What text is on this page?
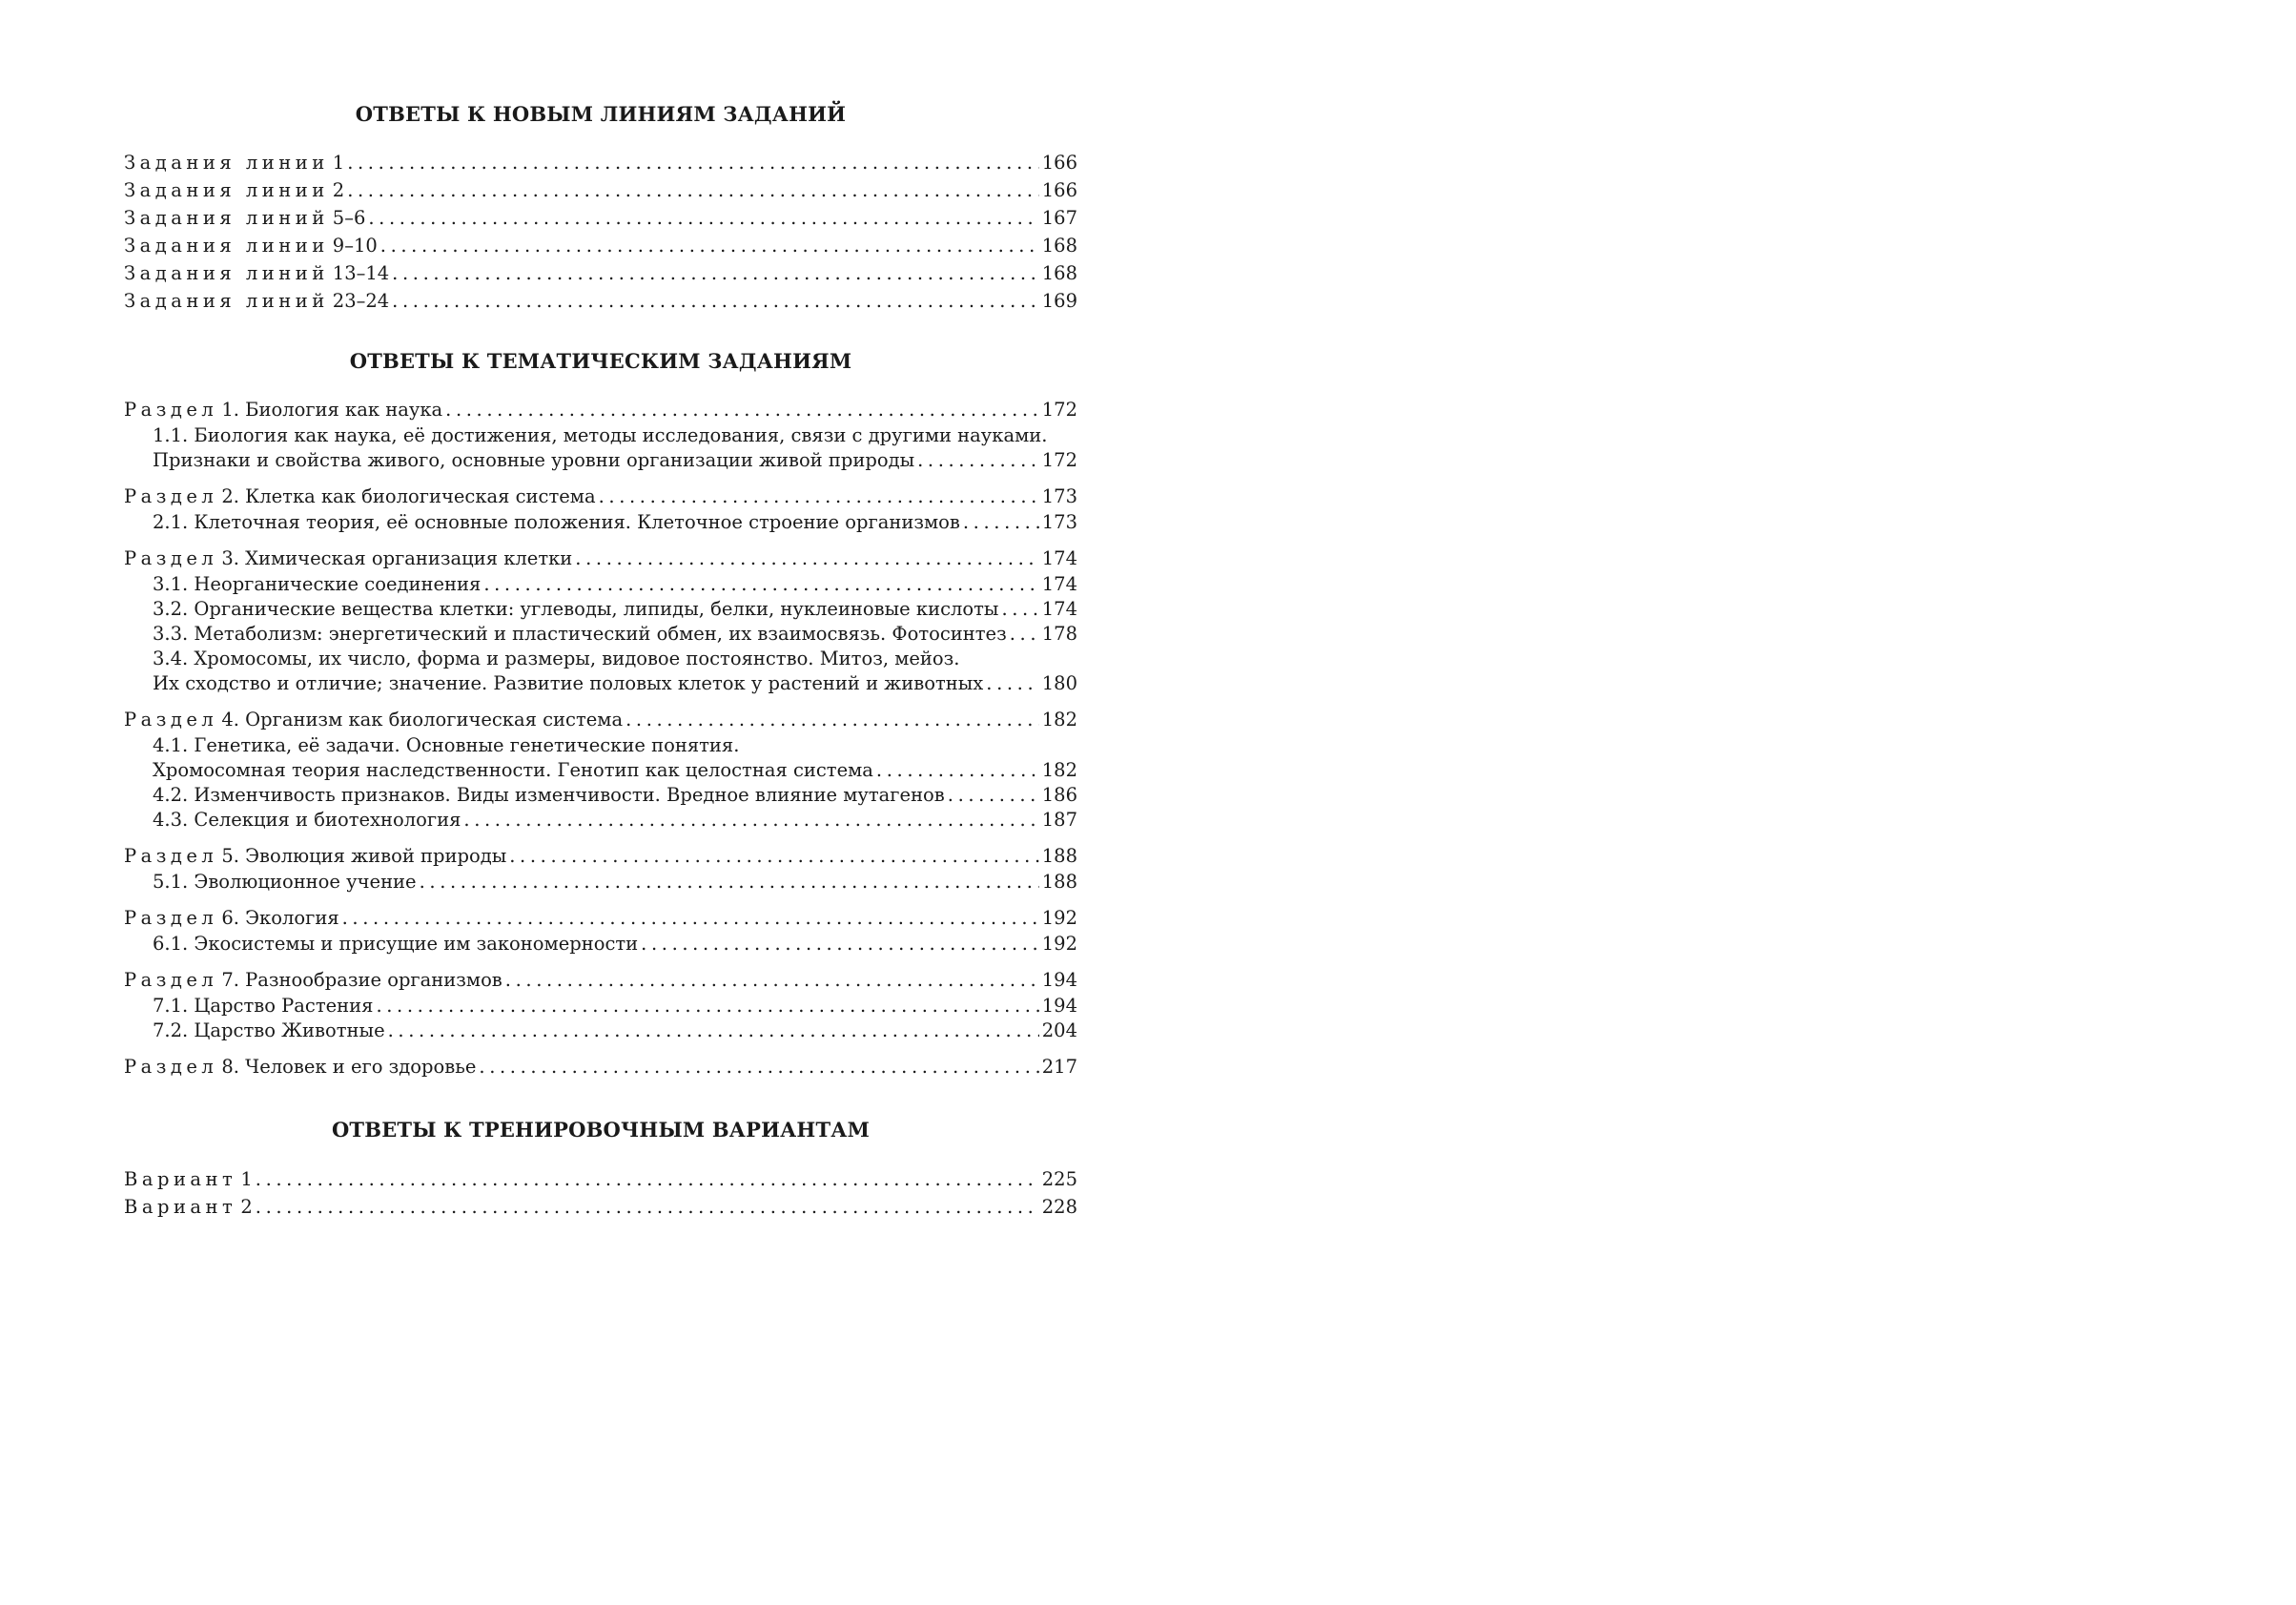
ОТВЕТЫ К НОВЫМ ЛИНИЯМ ЗАДАНИЙ
Задания линии 1 .....	166
Задания линии 2 .....	166
Задания линий 5–6 .....	167
Задания линии 9–10 .....	168
Задания линий 13–14 .....	168
Задания линий 23–24 .....	169
ОТВЕТЫ К ТЕМАТИЧЕСКИМ ЗАДАНИЯМ
Раздел 1. Биология как наука .....	172
1.1. Биология как наука, её достижения, методы исследования, связи с другими науками.
Признаки и свойства живого, основные уровни организации живой природы .....	172
Раздел 2. Клетка как биологическая система .....	173
2.1. Клеточная теория, её основные положения. Клеточное строение организмов .....	173
Раздел 3. Химическая организация клетки .....	174
3.1. Неорганические соединения .....	174
3.2. Органические вещества клетки: углеводы, липиды, белки, нуклеиновые кислоты ..... 174
3.3. Метаболизм: энергетический и пластический обмен, их взаимосвязь. Фотосинтез ..... 178
3.4. Хромосомы, их число, форма и размеры, видовое постоянство. Митоз, мейоз.
Их сходство и отличие; значение. Развитие половых клеток у растений и животных .....	180
Раздел 4. Организм как биологическая система .....	182
4.1. Генетика, её задачи. Основные генетические понятия.
Хромосомная теория наследственности. Генотип как целостная система .....	182
4.2. Изменчивость признаков. Виды изменчивости. Вредное влияние мутагенов .....	186
4.3. Селекция и биотехнология .....	187
Раздел 5. Эволюция живой природы .....	188
5.1. Эволюционное учение .....	188
Раздел 6. Экология .....	192
6.1. Экосистемы и присущие им закономерности .....	192
Раздел 7. Разнообразие организмов .....	194
7.1. Царство Растения .....	194
7.2. Царство Животные .....	204
Раздел 8. Человек и его здоровье .....	217
ОТВЕТЫ К ТРЕНИРОВОЧНЫМ ВАРИАНТАМ
Вариант 1 .....	225
Вариант 2 .....	228
